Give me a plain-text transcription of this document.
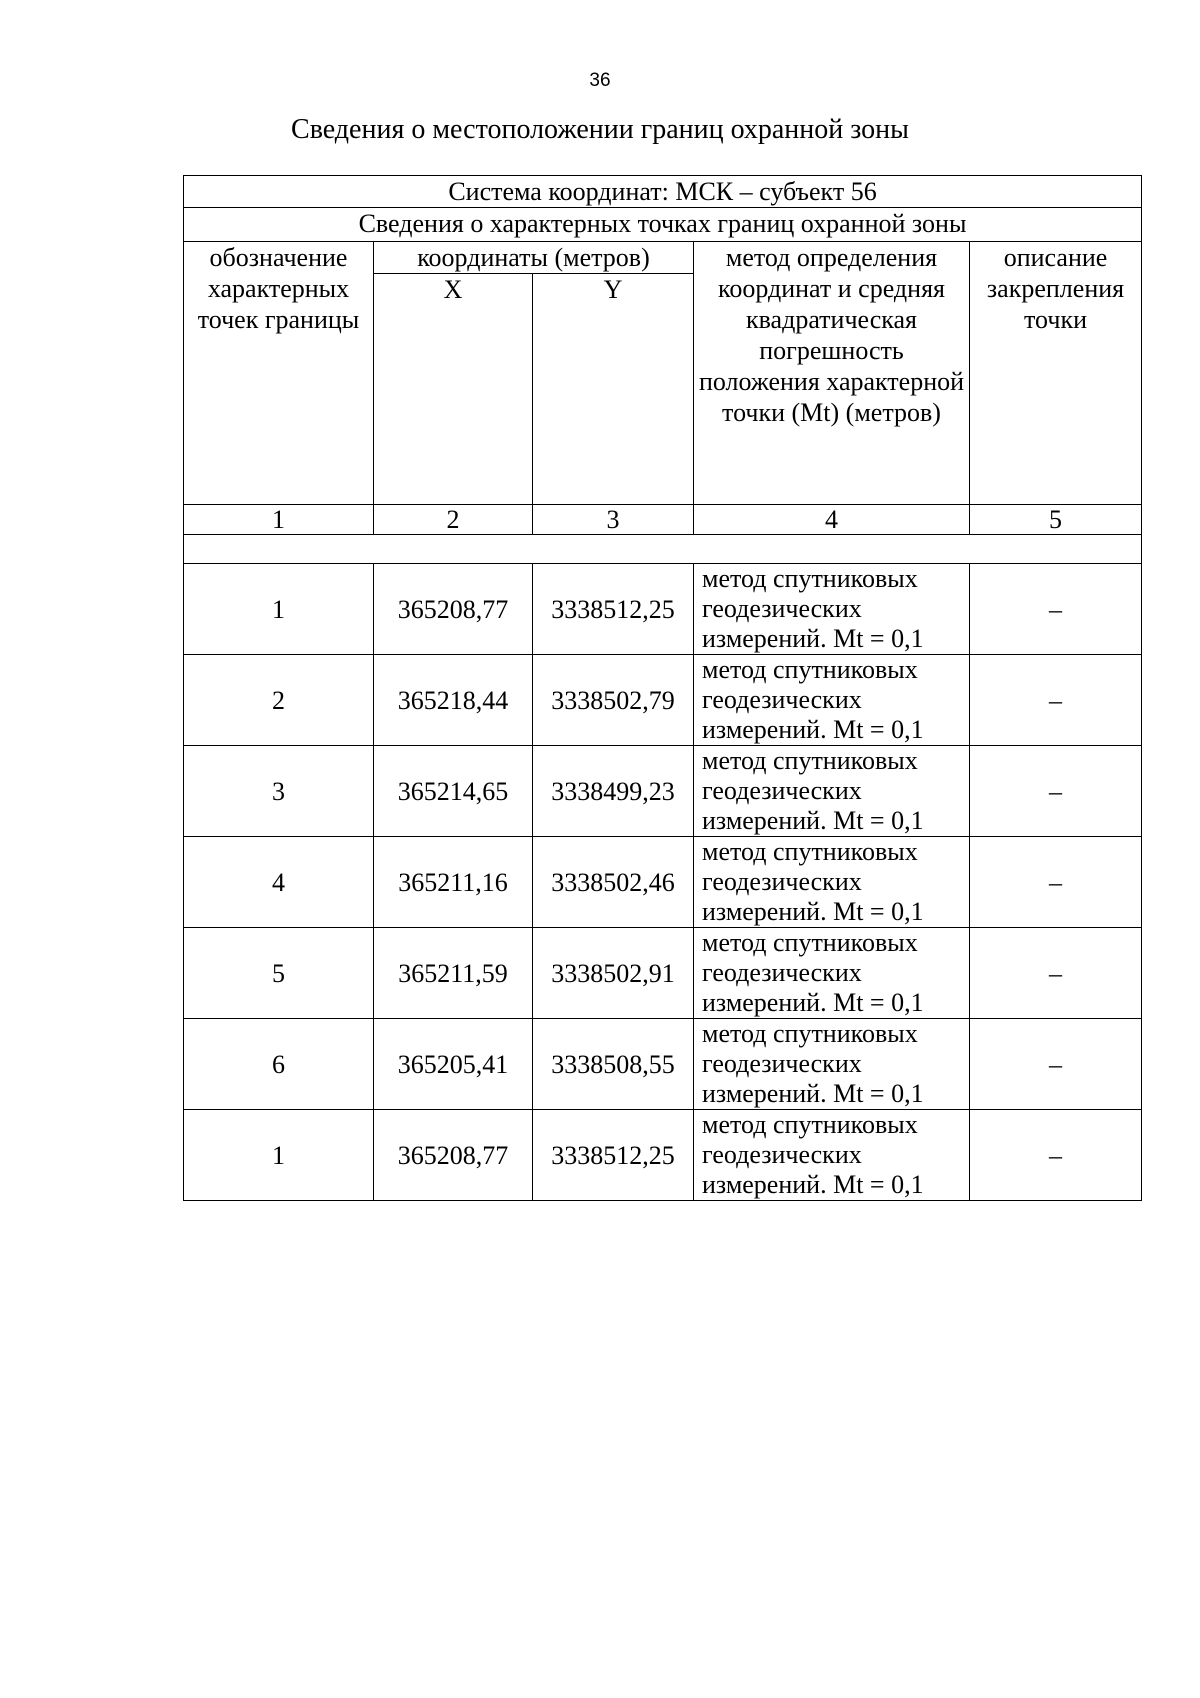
36
Сведения о местоположении границ охранной зоны
Система координат: МСК – субъект 56				
Сведения о характерных точках границ охранной зоны				
обозначение характерных точек границы	координаты (метров)		метод определения координат и средняя квадратическая погрешность положения характерной точки (Mt) (метров)	описание закрепления точки
	X	Y		
1	2	3	4	5

1	365208,77	3338512,25	метод спутниковых геодезических измерений. Mt = 0,1	–
2	365218,44	3338502,79	метод спутниковых геодезических измерений. Mt = 0,1	–
3	365214,65	3338499,23	метод спутниковых геодезических измерений. Mt = 0,1	–
4	365211,16	3338502,46	метод спутниковых геодезических измерений. Mt = 0,1	–
5	365211,59	3338502,91	метод спутниковых геодезических измерений. Mt = 0,1	–
6	365205,41	3338508,55	метод спутниковых геодезических измерений. Mt = 0,1	–
1	365208,77	3338512,25	метод спутниковых геодезических измерений. Mt = 0,1	–
